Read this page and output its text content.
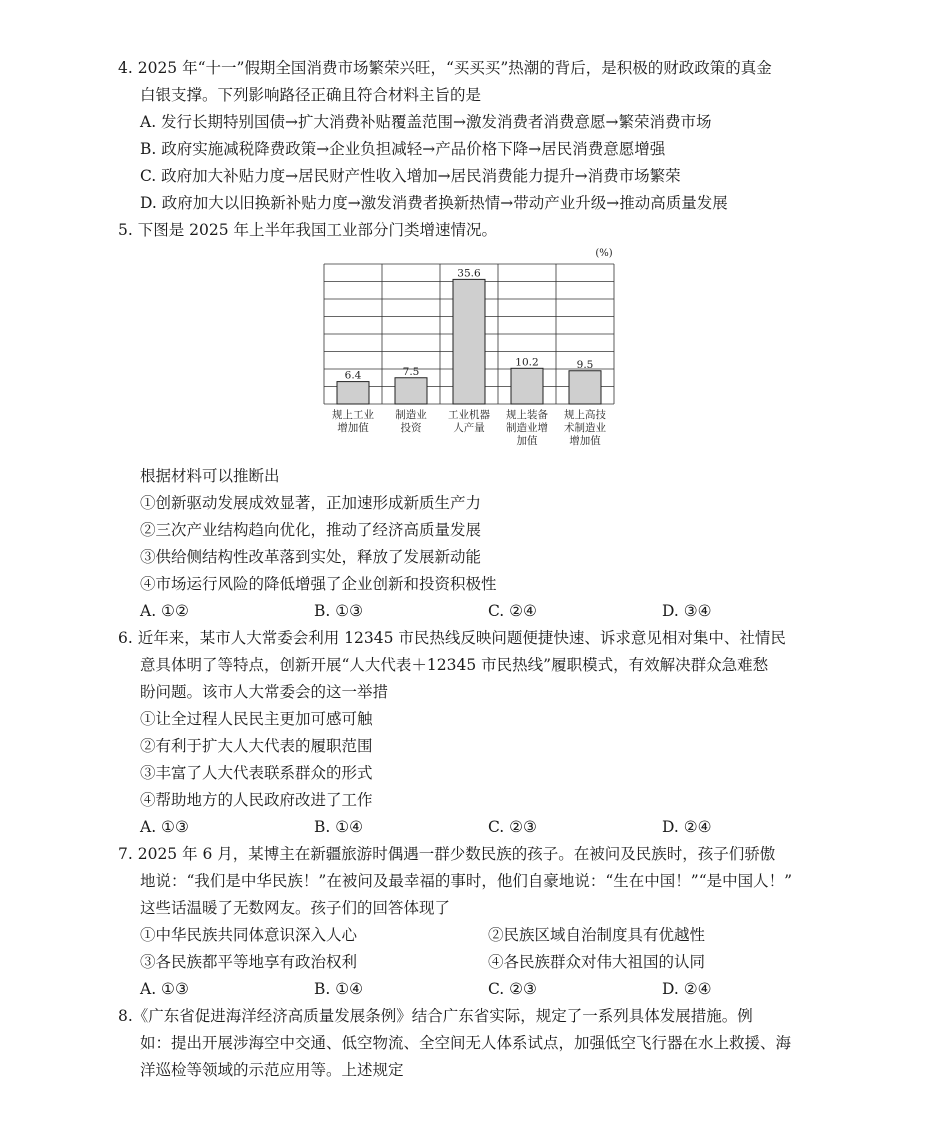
4. 2025 年“十一”假期全国消费市场繁荣兴旺，“买买买”热潮的背后，是积极的财政政策的真金
白银支撑。下列影响路径正确且符合材料主旨的是
A. 发行长期特别国债→扩大消费补贴覆盖范围→激发消费者消费意愿→繁荣消费市场
B. 政府实施减税降费政策→企业负担减轻→产品价格下降→居民消费意愿增强
C. 政府加大补贴力度→居民财产性收入增加→居民消费能力提升→消费市场繁荣
D. 政府加大以旧换新补贴力度→激发消费者换新热情→带动产业升级→推动高质量发展
5. 下图是 2025 年上半年我国工业部分门类增速情况。
6.4	7.5
35.6
10.2	9.5
规上工业
增加值
制造业
投资
工业机器
人产量
规上装备
制造业增
加值
规上高技
术制造业
增加值
(%)
根据材料可以推断出
①创新驱动发展成效显著，正加速形成新质生产力
②三次产业结构趋向优化，推动了经济高质量发展
③供给侧结构性改革落到实处，释放了发展新动能
④市场运行风险的降低增强了企业创新和投资积极性
A. ①②	B. ①③	C. ②④	D. ③④
6. 近年来，某市人大常委会利用 12345 市民热线反映问题便捷快速、诉求意见相对集中、社情民
意具体明了等特点，创新开展“人大代表＋12345 市民热线”履职模式，有效解决群众急难愁
盼问题。该市人大常委会的这一举措
①让全过程人民民主更加可感可触
②有利于扩大人大代表的履职范围
③丰富了人大代表联系群众的形式
④帮助地方的人民政府改进了工作
A. ①③	B. ①④	C. ②③	D. ②④
7. 2025 年 6 月，某博主在新疆旅游时偶遇一群少数民族的孩子。在被问及民族时，孩子们骄傲
地说：“我们是中华民族！”在被问及最幸福的事时，他们自豪地说：“生在中国！”“是中国人！”
这些话温暖了无数网友。孩子们的回答体现了
①中华民族共同体意识深入人心	②民族区域自治制度具有优越性
③各民族都平等地享有政治权利	④各民族群众对伟大祖国的认同
A. ①③	B. ①④	C. ②③	D. ②④
8.《广东省促进海洋经济高质量发展条例》结合广东省实际，规定了一系列具体发展措施。例
如：提出开展涉海空中交通、低空物流、全空间无人体系试点，加强低空飞行器在水上救援、海
洋巡检等领域的示范应用等。上述规定
